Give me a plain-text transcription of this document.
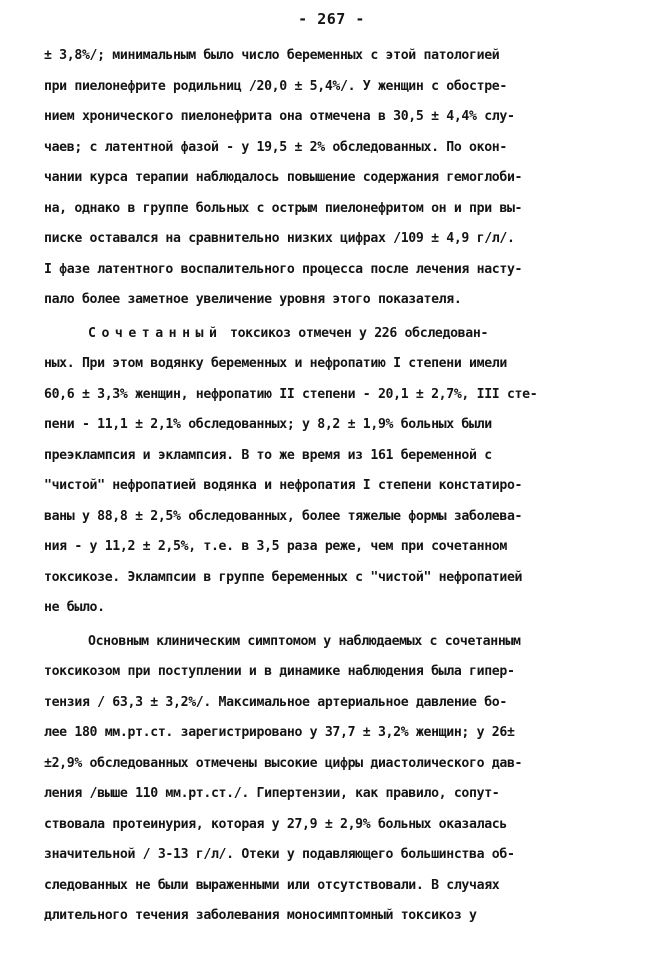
- 267 -
± 3,8%/; минимальным было число беременных с этой патологией
при пиелонефрите родильниц /20,0 ± 5,4%/. У женщин с обостре-
нием хронического пиелонефрита она отмечена в 30,5 ± 4,4% слу-
чаев; с латентной фазой - у 19,5 ± 2% обследованных. По окон-
чании курса терапии наблюдалось повышение содержания гемоглоби-
на, однако в группе больных с острым пиелонефритом он и при вы-
писке оставался на сравнительно низких цифрах /109 ± 4,9 г/л/.
I фазе латентного воспалительного процесса после лечения насту-
пало более заметное увеличение уровня этого показателя.
Сочетанный токсикоз отмечен у 226 обследован-
ных. При этом водянку беременных и нефропатию I степени имели
60,6 ± 3,3% женщин, нефропатию II степени - 20,1 ± 2,7%, III сте-
пени - 11,1 ± 2,1% обследованных; у 8,2 ± 1,9% больных были
преэклампсия и эклампсия. В то же время из 161 беременной с
"чистой" нефропатией водянка и нефропатия I степени констатиро-
ваны у 88,8 ± 2,5% обследованных, более тяжелые формы заболева-
ния - у 11,2 ± 2,5%, т.е. в 3,5 раза реже, чем при сочетанном
токсикозе. Эклампсии в группе беременных с "чистой" нефропатией
не было.
Основным клиническим симптомом у наблюдаемых с сочетанным
токсикозом при поступлении и в динамике наблюдения была гипер-
тензия / 63,3 ± 3,2%/. Максимальное артериальное давление бо-
лее 180 мм.рт.ст. зарегистрировано у 37,7 ± 3,2% женщин; у 26±
±2,9% обследованных отмечены высокие цифры диастолического дав-
ления /выше 110 мм.рт.ст./. Гипертензии, как правило, сопут-
ствовала протеинурия, которая у 27,9 ± 2,9% больных оказалась
значительной / 3-13 г/л/. Отеки у подавляющего большинства об-
следованных не были выраженными или отсутствовали. В случаях
длительного течения заболевания моносимптомный токсикоз у
